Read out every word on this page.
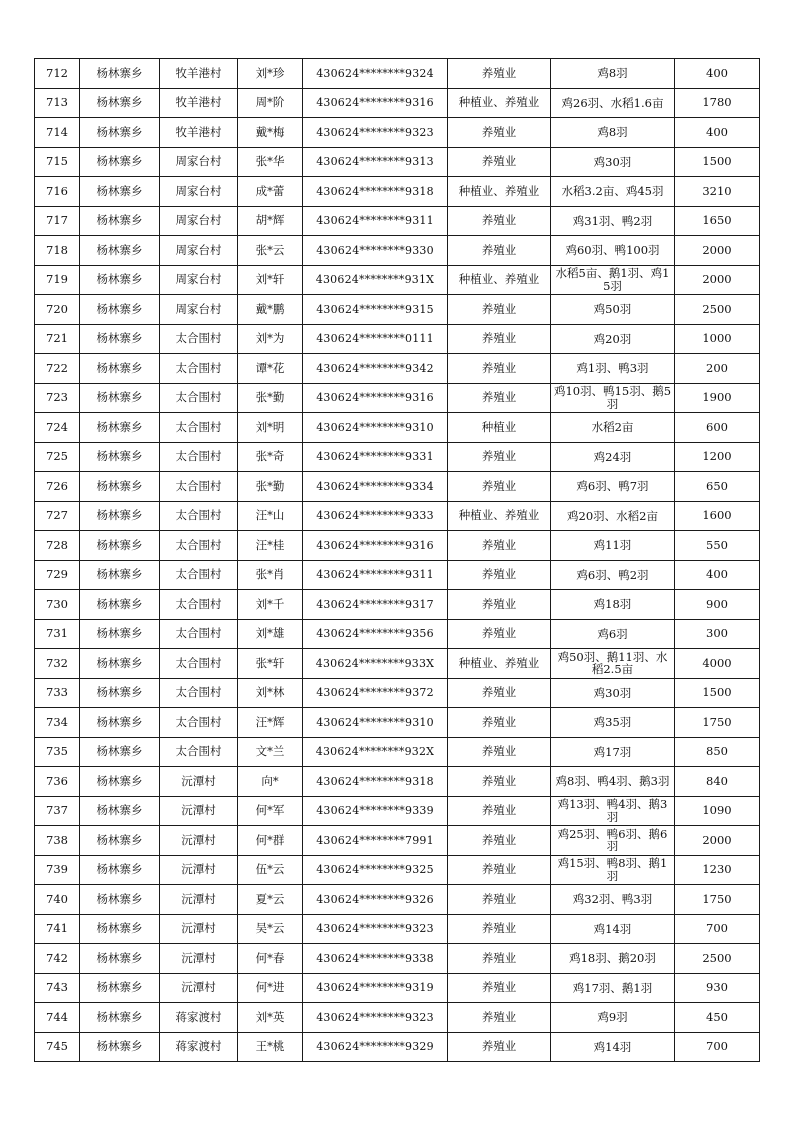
712	杨林寨乡	牧羊港村	刘*珍	430624********9324	养殖业	鸡8羽	400
713	杨林寨乡	牧羊港村	周*阶	430624********9316	种植业、养殖业	鸡26羽、水稻1.6亩	1780
714	杨林寨乡	牧羊港村	戴*梅	430624********9323	养殖业	鸡8羽	400
715	杨林寨乡	周家台村	张*华	430624********9313	养殖业	鸡30羽	1500
716	杨林寨乡	周家台村	成*蕾	430624********9318	种植业、养殖业	水稻3.2亩、鸡45羽	3210
717	杨林寨乡	周家台村	胡*辉	430624********9311	养殖业	鸡31羽、鸭2羽	1650
718	杨林寨乡	周家台村	张*云	430624********9330	养殖业	鸡60羽、鸭100羽	2000
719	杨林寨乡	周家台村	刘*轩	430624********931X	种植业、养殖业	水稻5亩、鹅1羽、鸡15羽	2000
720	杨林寨乡	周家台村	戴*鹏	430624********9315	养殖业	鸡50羽	2500
721	杨林寨乡	太合围村	刘*为	430624********0111	养殖业	鸡20羽	1000
722	杨林寨乡	太合围村	谭*花	430624********9342	养殖业	鸡1羽、鸭3羽	200
723	杨林寨乡	太合围村	张*勤	430624********9316	养殖业	鸡10羽、鸭15羽、鹅5羽	1900
724	杨林寨乡	太合围村	刘*明	430624********9310	种植业	水稻2亩	600
725	杨林寨乡	太合围村	张*奇	430624********9331	养殖业	鸡24羽	1200
726	杨林寨乡	太合围村	张*勤	430624********9334	养殖业	鸡6羽、鸭7羽	650
727	杨林寨乡	太合围村	汪*山	430624********9333	种植业、养殖业	鸡20羽、水稻2亩	1600
728	杨林寨乡	太合围村	汪*桂	430624********9316	养殖业	鸡11羽	550
729	杨林寨乡	太合围村	张*肖	430624********9311	养殖业	鸡6羽、鸭2羽	400
730	杨林寨乡	太合围村	刘*千	430624********9317	养殖业	鸡18羽	900
731	杨林寨乡	太合围村	刘*雄	430624********9356	养殖业	鸡6羽	300
732	杨林寨乡	太合围村	张*轩	430624********933X	种植业、养殖业	鸡50羽、鹅11羽、水稻2.5亩	4000
733	杨林寨乡	太合围村	刘*林	430624********9372	养殖业	鸡30羽	1500
734	杨林寨乡	太合围村	汪*辉	430624********9310	养殖业	鸡35羽	1750
735	杨林寨乡	太合围村	文*兰	430624********932X	养殖业	鸡17羽	850
736	杨林寨乡	沅潭村	向*	430624********9318	养殖业	鸡8羽、鸭4羽、鹅3羽	840
737	杨林寨乡	沅潭村	何*军	430624********9339	养殖业	鸡13羽、鸭4羽、鹅3羽	1090
738	杨林寨乡	沅潭村	何*群	430624********7991	养殖业	鸡25羽、鸭6羽、鹅6羽	2000
739	杨林寨乡	沅潭村	伍*云	430624********9325	养殖业	鸡15羽、鸭8羽、鹅1羽	1230
740	杨林寨乡	沅潭村	夏*云	430624********9326	养殖业	鸡32羽、鸭3羽	1750
741	杨林寨乡	沅潭村	吴*云	430624********9323	养殖业	鸡14羽	700
742	杨林寨乡	沅潭村	何*春	430624********9338	养殖业	鸡18羽、鹅20羽	2500
743	杨林寨乡	沅潭村	何*进	430624********9319	养殖业	鸡17羽、鹅1羽	930
744	杨林寨乡	蒋家渡村	刘*英	430624********9323	养殖业	鸡9羽	450
745	杨林寨乡	蒋家渡村	王*桃	430624********9329	养殖业	鸡14羽	700
